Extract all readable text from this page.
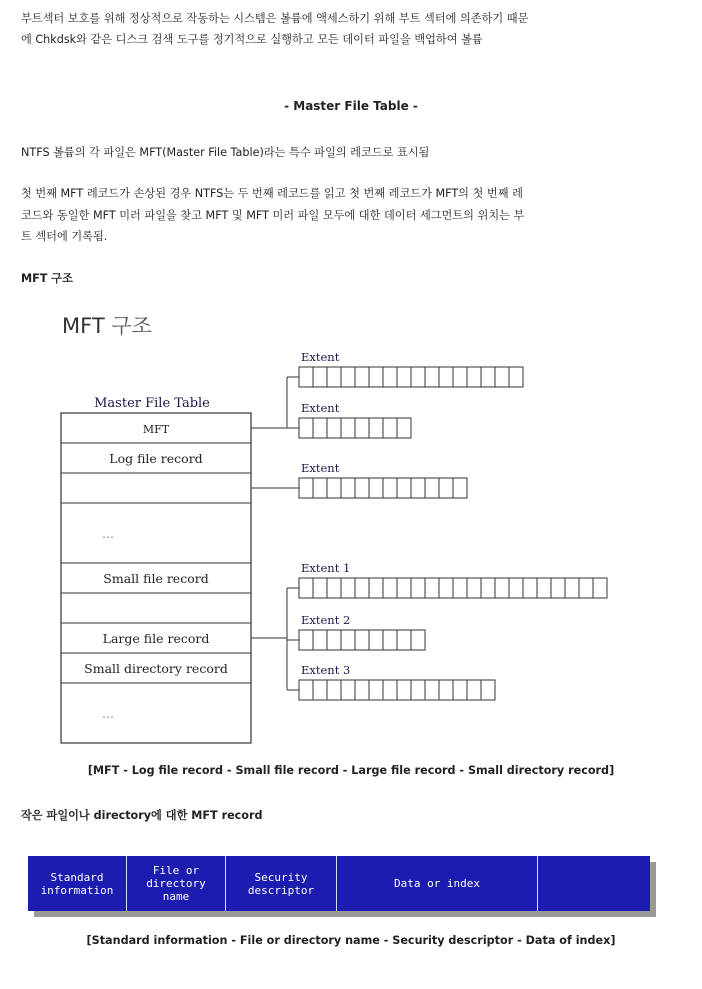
부트섹터 보호를 위해 정상적으로 작동하는 시스템은 볼륨에 액세스하기 위해 부트 섹터에 의존하기 때문

에 Chkdsk와 같은 디스크 검색 도구를 정기적으로 실행하고 모든 데이터 파일을 백업하여 볼륨

- Master File Table -

NTFS 볼륨의 각 파일은 MFT(Master File Table)라는 특수 파일의 레코드로 표시됨

첫 번째 MFT 레코드가 손상된 경우 NTFS는 두 번째 레코드를 읽고 첫 번째 레코드가 MFT의 첫 번째 레

코드와 동일한 MFT 미러 파일을 찾고 MFT 및 MFT 미러 파일 모두에 대한 데이터 세그먼트의 위치는 부

트 섹터에 기록됨.

MFT 구조

MFT 구조
Master File Table
MFT
Log file record
...
Small file record
Large file record
Small directory record
...
Extent
Extent
Extent
Extent 1
Extent 2
Extent 3
[MFT - Log file record - Small file record - Large file record - Small directory record]

작은 파일이나 directory에 대한 MFT record

Standard
information
File or
directory
name
Security
descriptor	Data or index
[Standard information - File or directory name - Security descriptor - Data of index]
